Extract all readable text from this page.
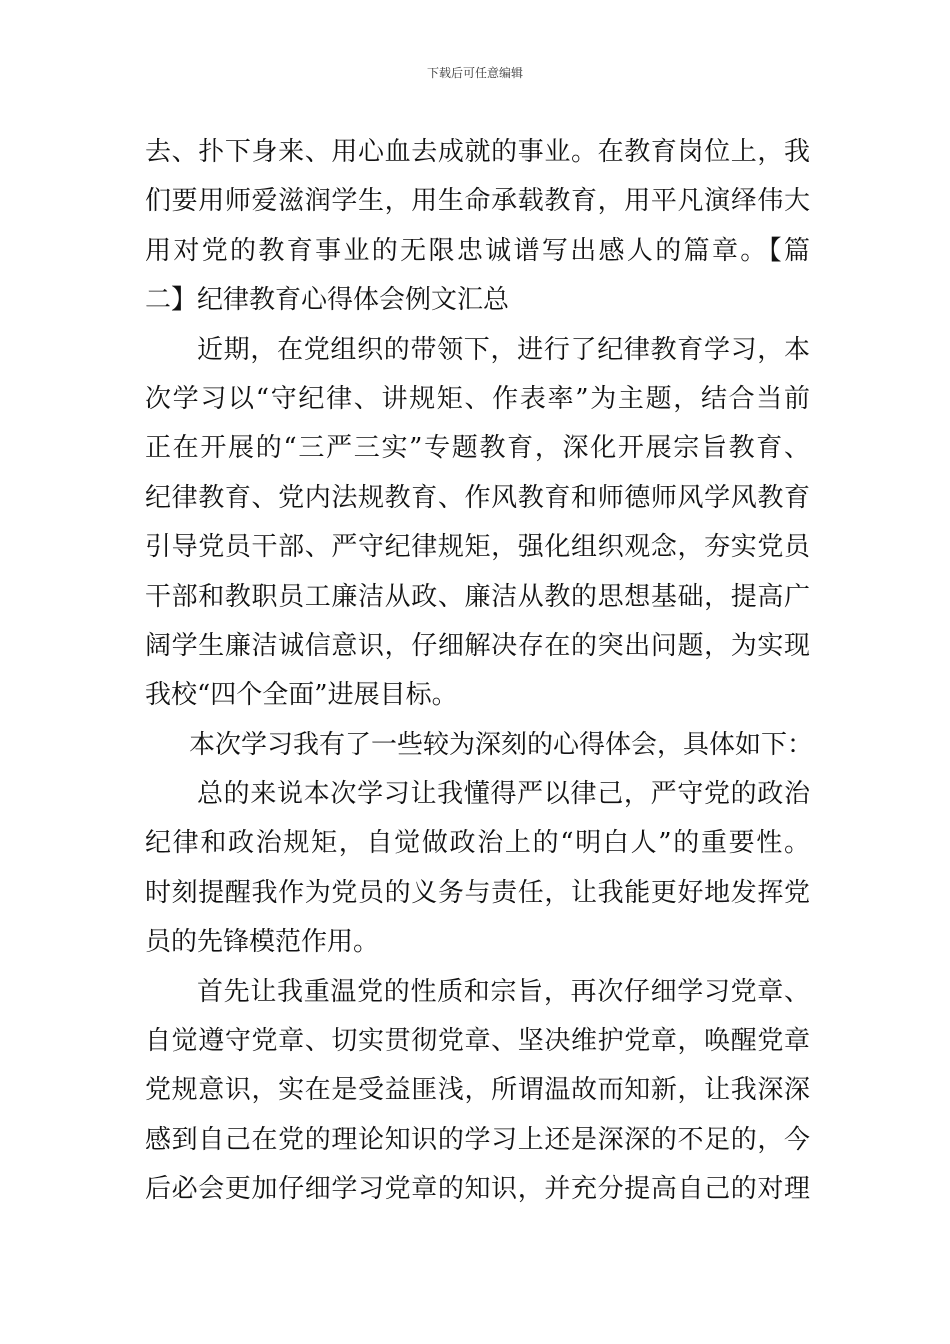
下载后可任意编辑
去、扑下身来、用心血去成就的事业。在教育岗位上，我
们要用师爱滋润学生，用生命承载教育，用平凡演绎伟大
用对党的教育事业的无限忠诚谱写出感人的篇章。【篇
二】纪律教育心得体会例文汇总
近期，在党组织的带领下，进行了纪律教育学习，本
次学习以“守纪律、讲规矩、作表率”为主题，结合当前
正在开展的“三严三实”专题教育，深化开展宗旨教育、
纪律教育、党内法规教育、作风教育和师德师风学风教育
引导党员干部、严守纪律规矩，强化组织观念，夯实党员
干部和教职员工廉洁从政、廉洁从教的思想基础，提高广
阔学生廉洁诚信意识，仔细解决存在的突出问题，为实现
我校“四个全面”进展目标。
本次学习我有了一些较为深刻的心得体会，具体如下：
总的来说本次学习让我懂得严以律己，严守党的政治
纪律和政治规矩，自觉做政治上的“明白人”的重要性。
时刻提醒我作为党员的义务与责任，让我能更好地发挥党
员的先锋模范作用。
首先让我重温党的性质和宗旨，再次仔细学习党章、
自觉遵守党章、切实贯彻党章、坚决维护党章，唤醒党章
党规意识，实在是受益匪浅，所谓温故而知新，让我深深
感到自己在党的理论知识的学习上还是深深的不足的，今
后必会更加仔细学习党章的知识，并充分提高自己的对理
